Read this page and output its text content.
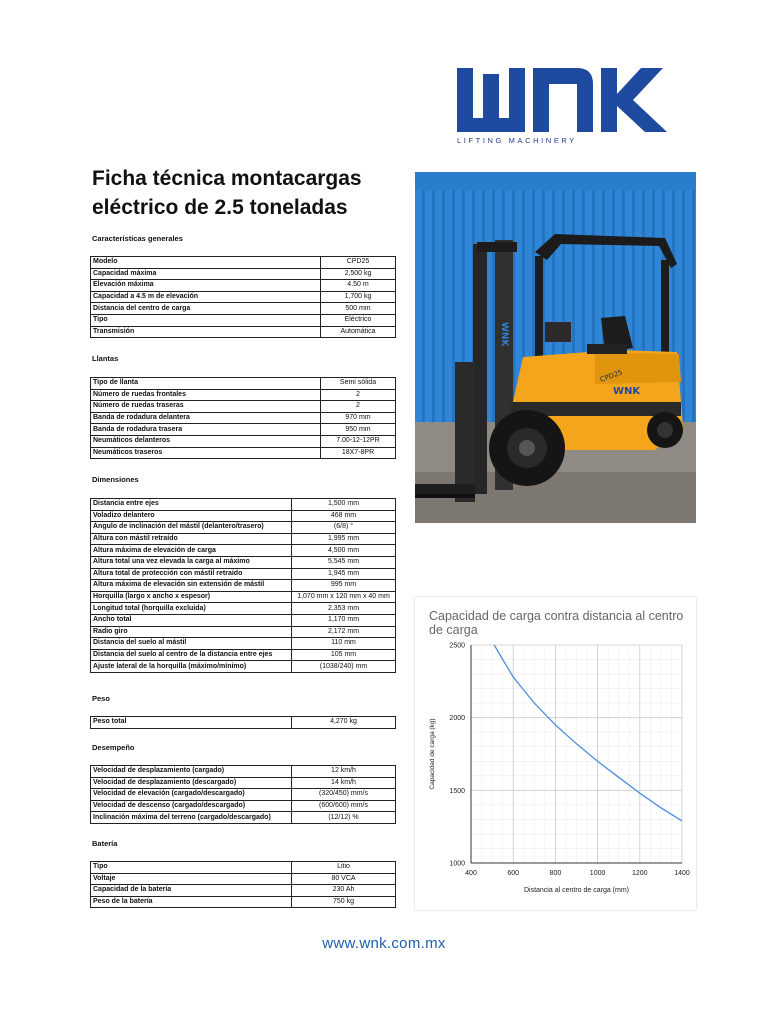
LIFTING MACHINERY
Ficha técnica montacargas eléctrico de 2.5 toneladas
Características generales
Llantas
Dimensiones
Peso
Desempeño
Batería
Modelo	CPD25
Capacidad máxima	2,500 kg
Elevación máxima	4.50 m
Capacidad a 4.5 m de elevación	1,700 kg
Distancia del centro de carga	500 mm
Tipo	Eléctrico
Transmisión	Automática
Tipo de llanta	Semi sólida
Número de ruedas frontales	2
Número de ruedas traseras	2
Banda de rodadura delantera	970 mm
Banda de rodadura trasera	950 mm
Neumáticos delanteros	7.00-12-12PR
Neumáticos traseros	18X7-8PR
Distancia entre ejes	1,500 mm
Voladizo delantero	468 mm
Ángulo de inclinación del mástil (delantero/trasero)	(6/8) °
Altura con mástil retraído	1,995 mm
Altura máxima de elevación de carga	4,500 mm
Altura total una vez elevada la carga al máximo	5,545 mm
Altura total de protección con mástil retraído	1,945 mm
Altura máxima de elevación sin extensión de mástil	995 mm
Horquilla (largo x ancho x espesor)	1,070 mm x 120 mm x 40 mm
Longitud total (horquilla excluida)	2,353 mm
Ancho total	1,170 mm
Radio giro	2,172 mm
Distancia del suelo al mástil	110 mm
Distancia del suelo al centro de la distancia entre ejes	105 mm
Ajuste lateral de la horquilla (máximo/mínimo)	(1038/240) mm
Peso total	4,270 kg
Velocidad de desplazamiento (cargado)	12 km/h
Velocidad de desplazamiento (descargado)	14 km/h
Velocidad de elevación (cargado/descargado)	(320/450) mm/s
Velocidad de descenso (cargado/descargado)	(600/600) mm/s
Inclinación máxima del terreno (cargado/descargado)	(12/12) %
Tipo	Litio
Voltaje	80 VCA
Capacidad de la batería	230 Ah
Peso de la batería	750 kg
WNK
CPD25
WNK
Capacidad de carga contra distancia al centro de carga
400	600	800	1000	1200	1400
1000
1500
2000
2500
Distancia al centro de carga (mm)
Capacidad de carga (kg)
www.wnk.com.mx
